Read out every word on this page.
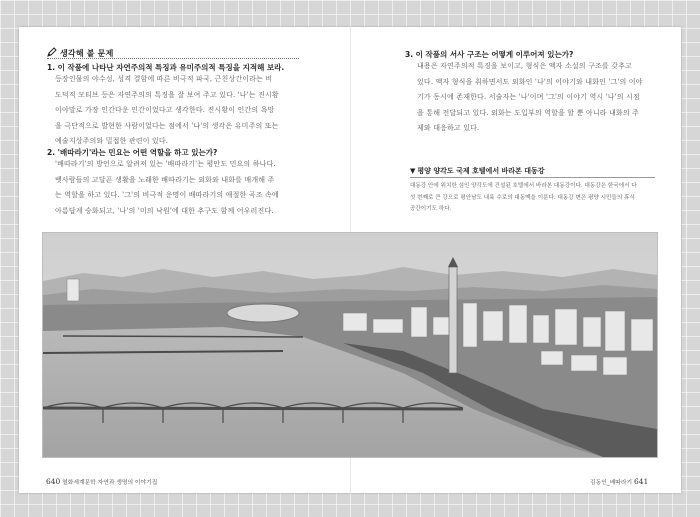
생각해 볼 문제
1. 이 작품에 나타난 자연주의적 특징과 유미주의적 특징을 지적해 보라.
등장인물의 야수성, 성격 결함에 따른 비극적 파국, 근친상간이라는 비
도덕적 모티브 등은 자연주의의 특징을 잘 보여 주고 있다. '나'는 진시황
이야말로 가장 인간다운 인간이었다고 생각한다. 진시황이 인간의 욕망
을 극단적으로 발현한 사람이었다는 점에서 '나'의 생각은 유미주의 또는
예술지상주의와 밀접한 관련이 있다.
2. '배따라기'라는 민요는 어떤 역할을 하고 있는가?
'배따라기'의 방언으로 알려져 있는 '배따라기'는 평안도 민요의 하나다.
뱃사람들의 고달픈 생활을 노래한 배따라기는 외화와 내화를 매개해 주
는 역할을 하고 있다. '그'의 비극적 운명이 배따라기의 애절한 곡조 속에
아름답게 승화되고, '나'의 '미의 낙원'에 대한 추구도 함께 어우러진다.
3. 이 작품의 서사 구조는 어떻게 이루어져 있는가?
내용은 자연주의적 특징을 보이고, 형식은 액자 소설의 구조를 갖추고
있다. 액자 형식을 취하면서도 외화인 '나'의 이야기와 내화인 '그'의 이야
기가 동시에 존재한다. 서술자는 '나'이며 '그'의 이야기 역시 '나'의 시점
을 통해 전달되고 있다. 외화는 도입부의 역할을 할 뿐 아니라 내화의 주
제와 대응하고 있다.
▼ 평양 양각도 국제 호텔에서 바라본 대동강
대동강 안에 위치한 섬인 양각도에 건설된 호텔에서 바라본 대동강이다. 대동강은 한국에서 다
섯 번째로 큰 강으로 평안남도 내륙 수로의 대동맥을 이룬다. 대동강 변은 평양 시민들의 휴식
공간이기도 하다.
640 열화세계문학 자연과 생명의 이야기집	김동인_배따라기 641
